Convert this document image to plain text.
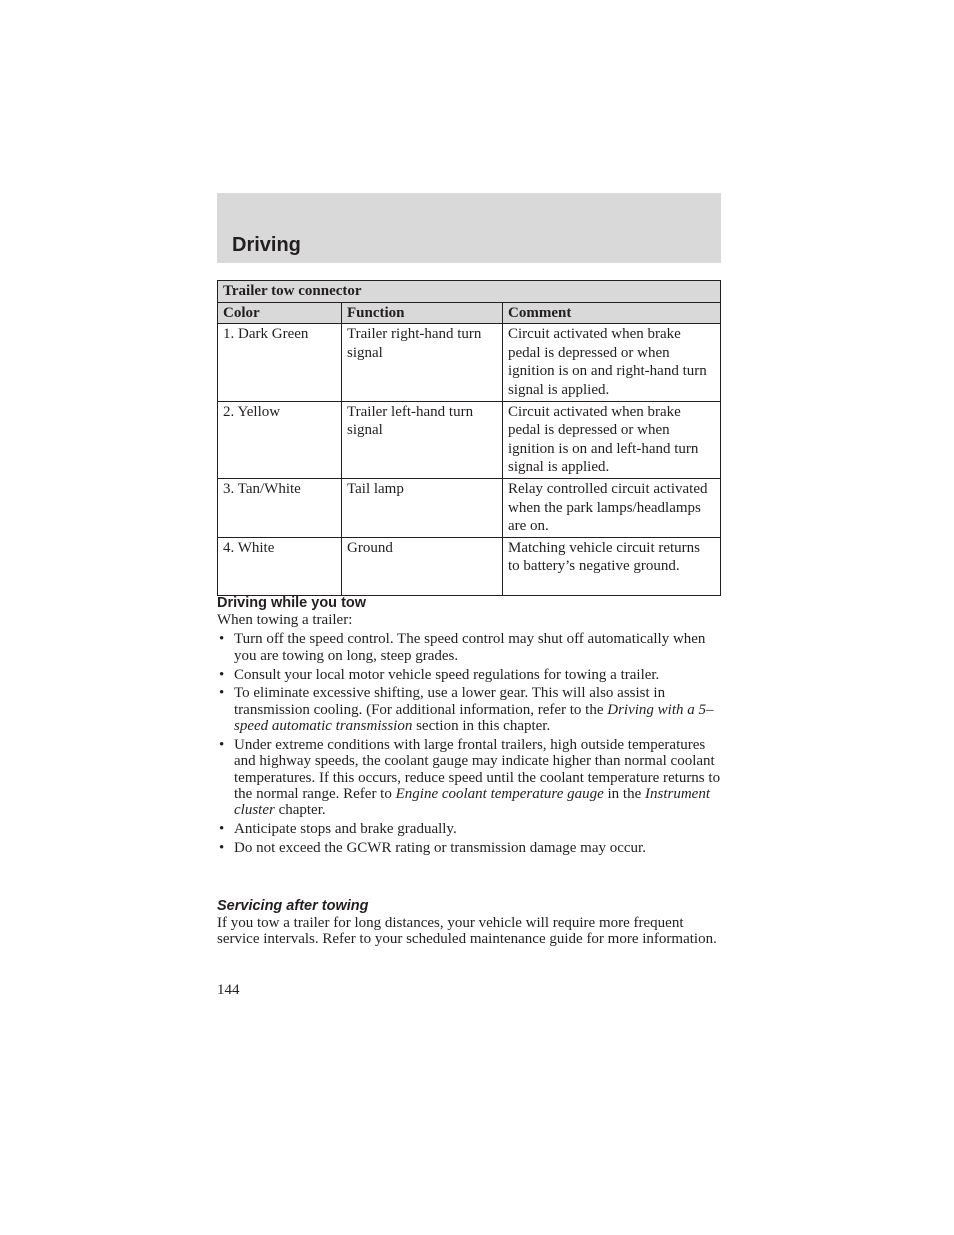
Driving
Trailer tow connector		
Color	Function	Comment
1. Dark Green	Trailer right-hand turn signal	Circuit activated when brake pedal is depressed or when ignition is on and right-hand turn signal is applied.
2. Yellow	Trailer left-hand turn signal	Circuit activated when brake pedal is depressed or when ignition is on and left-hand turn signal is applied.
3. Tan/White	Tail lamp	Relay controlled circuit activated when the park lamps/headlamps are on.
4. White	Ground	Matching vehicle circuit returns to battery’s negative ground.
Driving while you tow

When towing a trailer:

• Turn off the speed control. The speed control may shut off automatically when you are towing on long, steep grades.
• Consult your local motor vehicle speed regulations for towing a trailer.
• To eliminate excessive shifting, use a lower gear. This will also assist in transmission cooling. (For additional information, refer to the Driving with a 5–speed automatic transmission section in this chapter.
• Under extreme conditions with large frontal trailers, high outside temperatures and highway speeds, the coolant gauge may indicate higher than normal coolant temperatures. If this occurs, reduce speed until the coolant temperature returns to the normal range. Refer to Engine coolant temperature gauge in the Instrument cluster chapter.
• Anticipate stops and brake gradually.
• Do not exceed the GCWR rating or transmission damage may occur.
Servicing after towing

If you tow a trailer for long distances, your vehicle will require more frequent service intervals. Refer to your scheduled maintenance guide for more information.

144
